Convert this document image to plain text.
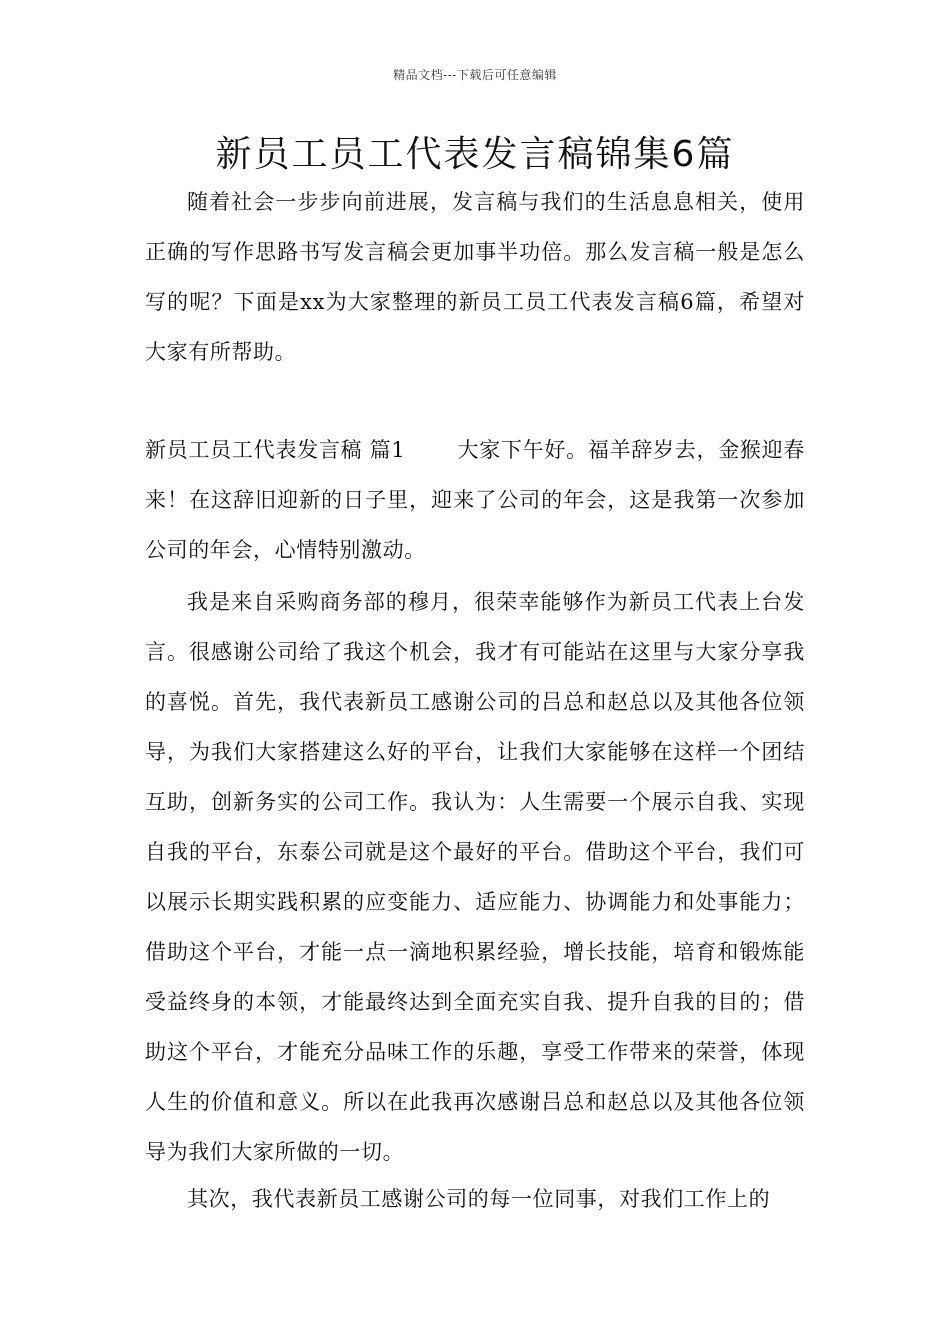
精品文档---下载后可任意编辑
新员工员工代表发言稿锦集6篇

随着社会一步步向前进展，发言稿与我们的生活息息相关，使用正确的写作思路书写发言稿会更加事半功倍。那么发言稿一般是怎么写的呢？下面是xx为大家整理的新员工员工代表发言稿6篇，希望对大家有所帮助。

新员工员工代表发言稿 篇1 大家下午好。福羊辞岁去，金猴迎春来！在这辞旧迎新的日子里，迎来了公司的年会，这是我第一次参加公司的年会，心情特别激动。

我是来自采购商务部的穆月，很荣幸能够作为新员工代表上台发言。很感谢公司给了我这个机会，我才有可能站在这里与大家分享我的喜悦。首先，我代表新员工感谢公司的吕总和赵总以及其他各位领导，为我们大家搭建这么好的平台，让我们大家能够在这样一个团结互助，创新务实的公司工作。我认为：人生需要一个展示自我、实现自我的平台，东泰公司就是这个最好的平台。借助这个平台，我们可以展示长期实践积累的应变能力、适应能力、协调能力和处事能力；借助这个平台，才能一点一滴地积累经验，增长技能，培育和锻炼能受益终身的本领，才能最终达到全面充实自我、提升自我的目的；借助这个平台，才能充分品味工作的乐趣，享受工作带来的荣誉，体现人生的价值和意义。所以在此我再次感谢吕总和赵总以及其他各位领导为我们大家所做的一切。

其次，我代表新员工感谢公司的每一位同事，对我们工作上的
